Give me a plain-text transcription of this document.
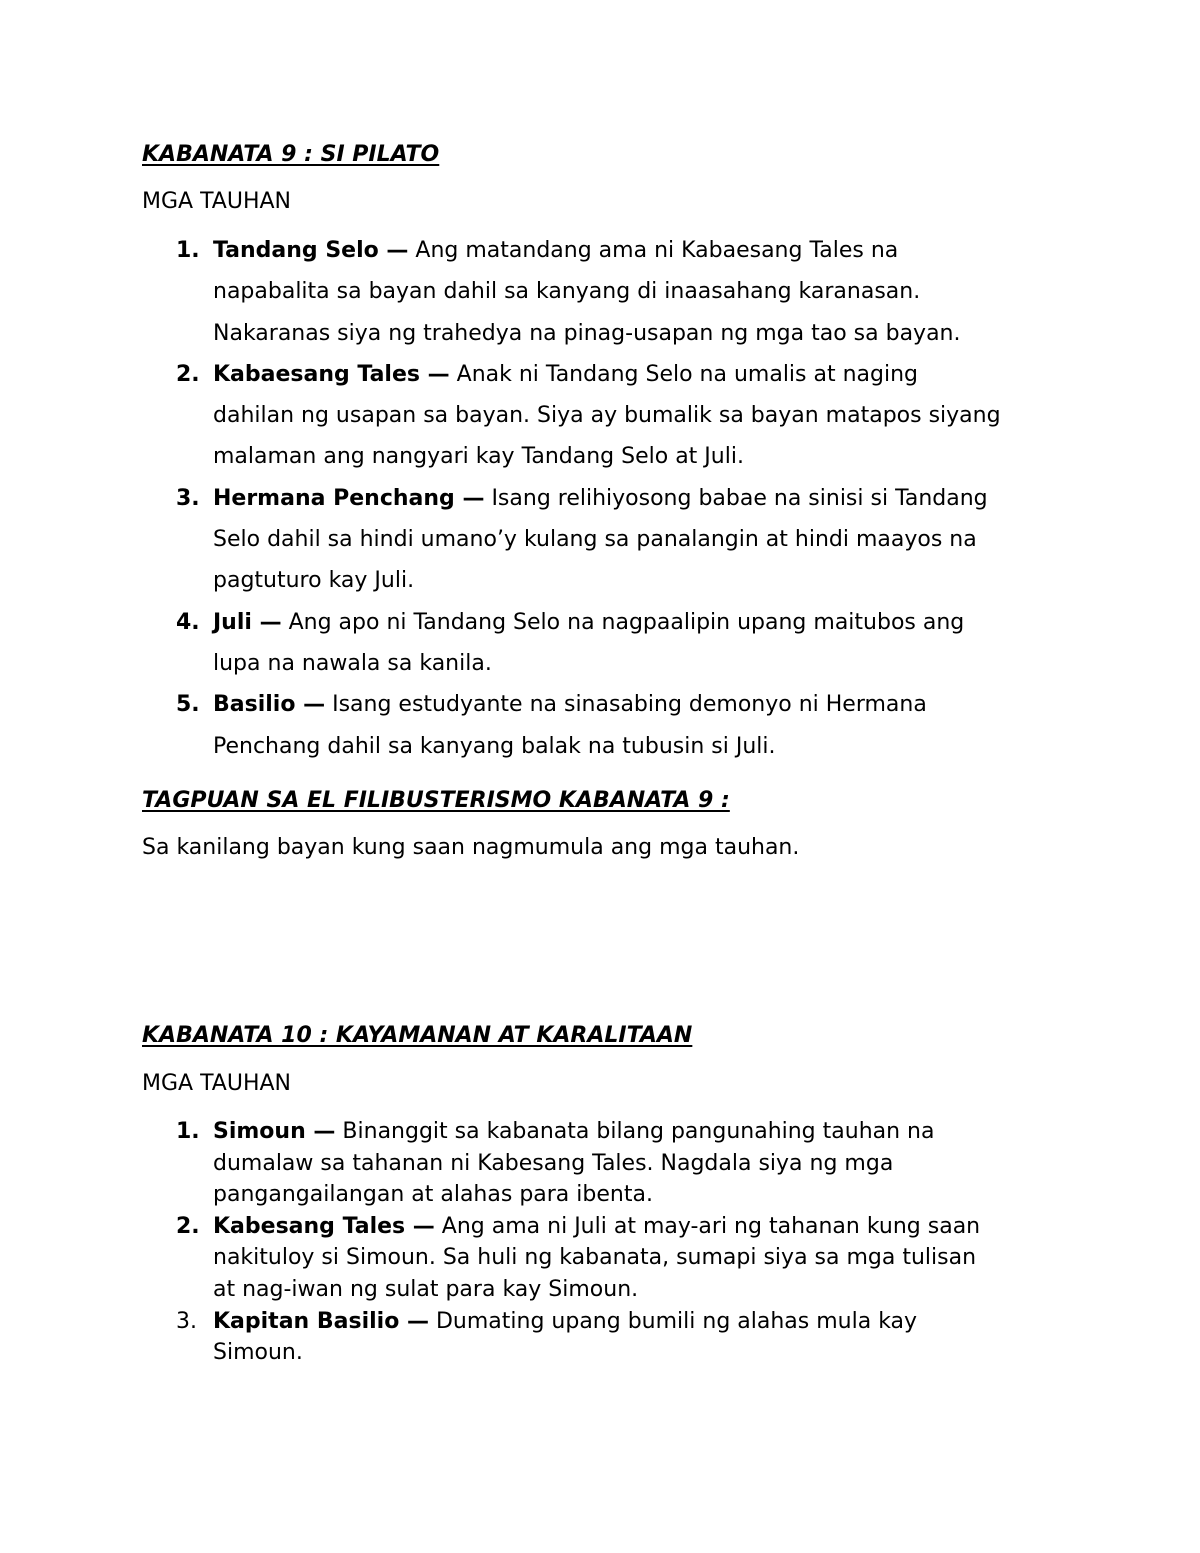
KABANATA 9 : SI PILATO
MGA TAUHAN
1. Tandang Selo — Ang matandang ama ni Kabaesang Tales na
napabalita sa bayan dahil sa kanyang di inaasahang karanasan.
Nakaranas siya ng trahedya na pinag-usapan ng mga tao sa bayan.
2. Kabaesang Tales — Anak ni Tandang Selo na umalis at naging
dahilan ng usapan sa bayan. Siya ay bumalik sa bayan matapos siyang
malaman ang nangyari kay Tandang Selo at Juli.
3. Hermana Penchang — Isang relihiyosong babae na sinisi si Tandang
Selo dahil sa hindi umano’y kulang sa panalangin at hindi maayos na
pagtuturo kay Juli.
4. Juli — Ang apo ni Tandang Selo na nagpaalipin upang maitubos ang
lupa na nawala sa kanila.
5. Basilio — Isang estudyante na sinasabing demonyo ni Hermana
Penchang dahil sa kanyang balak na tubusin si Juli.
TAGPUAN SA EL FILIBUSTERISMO KABANATA 9 :
Sa kanilang bayan kung saan nagmumula ang mga tauhan.
KABANATA 10 : KAYAMANAN AT KARALITAAN
MGA TAUHAN
1. Simoun — Binanggit sa kabanata bilang pangunahing tauhan na
dumalaw sa tahanan ni Kabesang Tales. Nagdala siya ng mga
pangangailangan at alahas para ibenta.
2. Kabesang Tales — Ang ama ni Juli at may-ari ng tahanan kung saan
nakituloy si Simoun. Sa huli ng kabanata, sumapi siya sa mga tulisan
at nag-iwan ng sulat para kay Simoun.
3. Kapitan Basilio — Dumating upang bumili ng alahas mula kay
Simoun.
